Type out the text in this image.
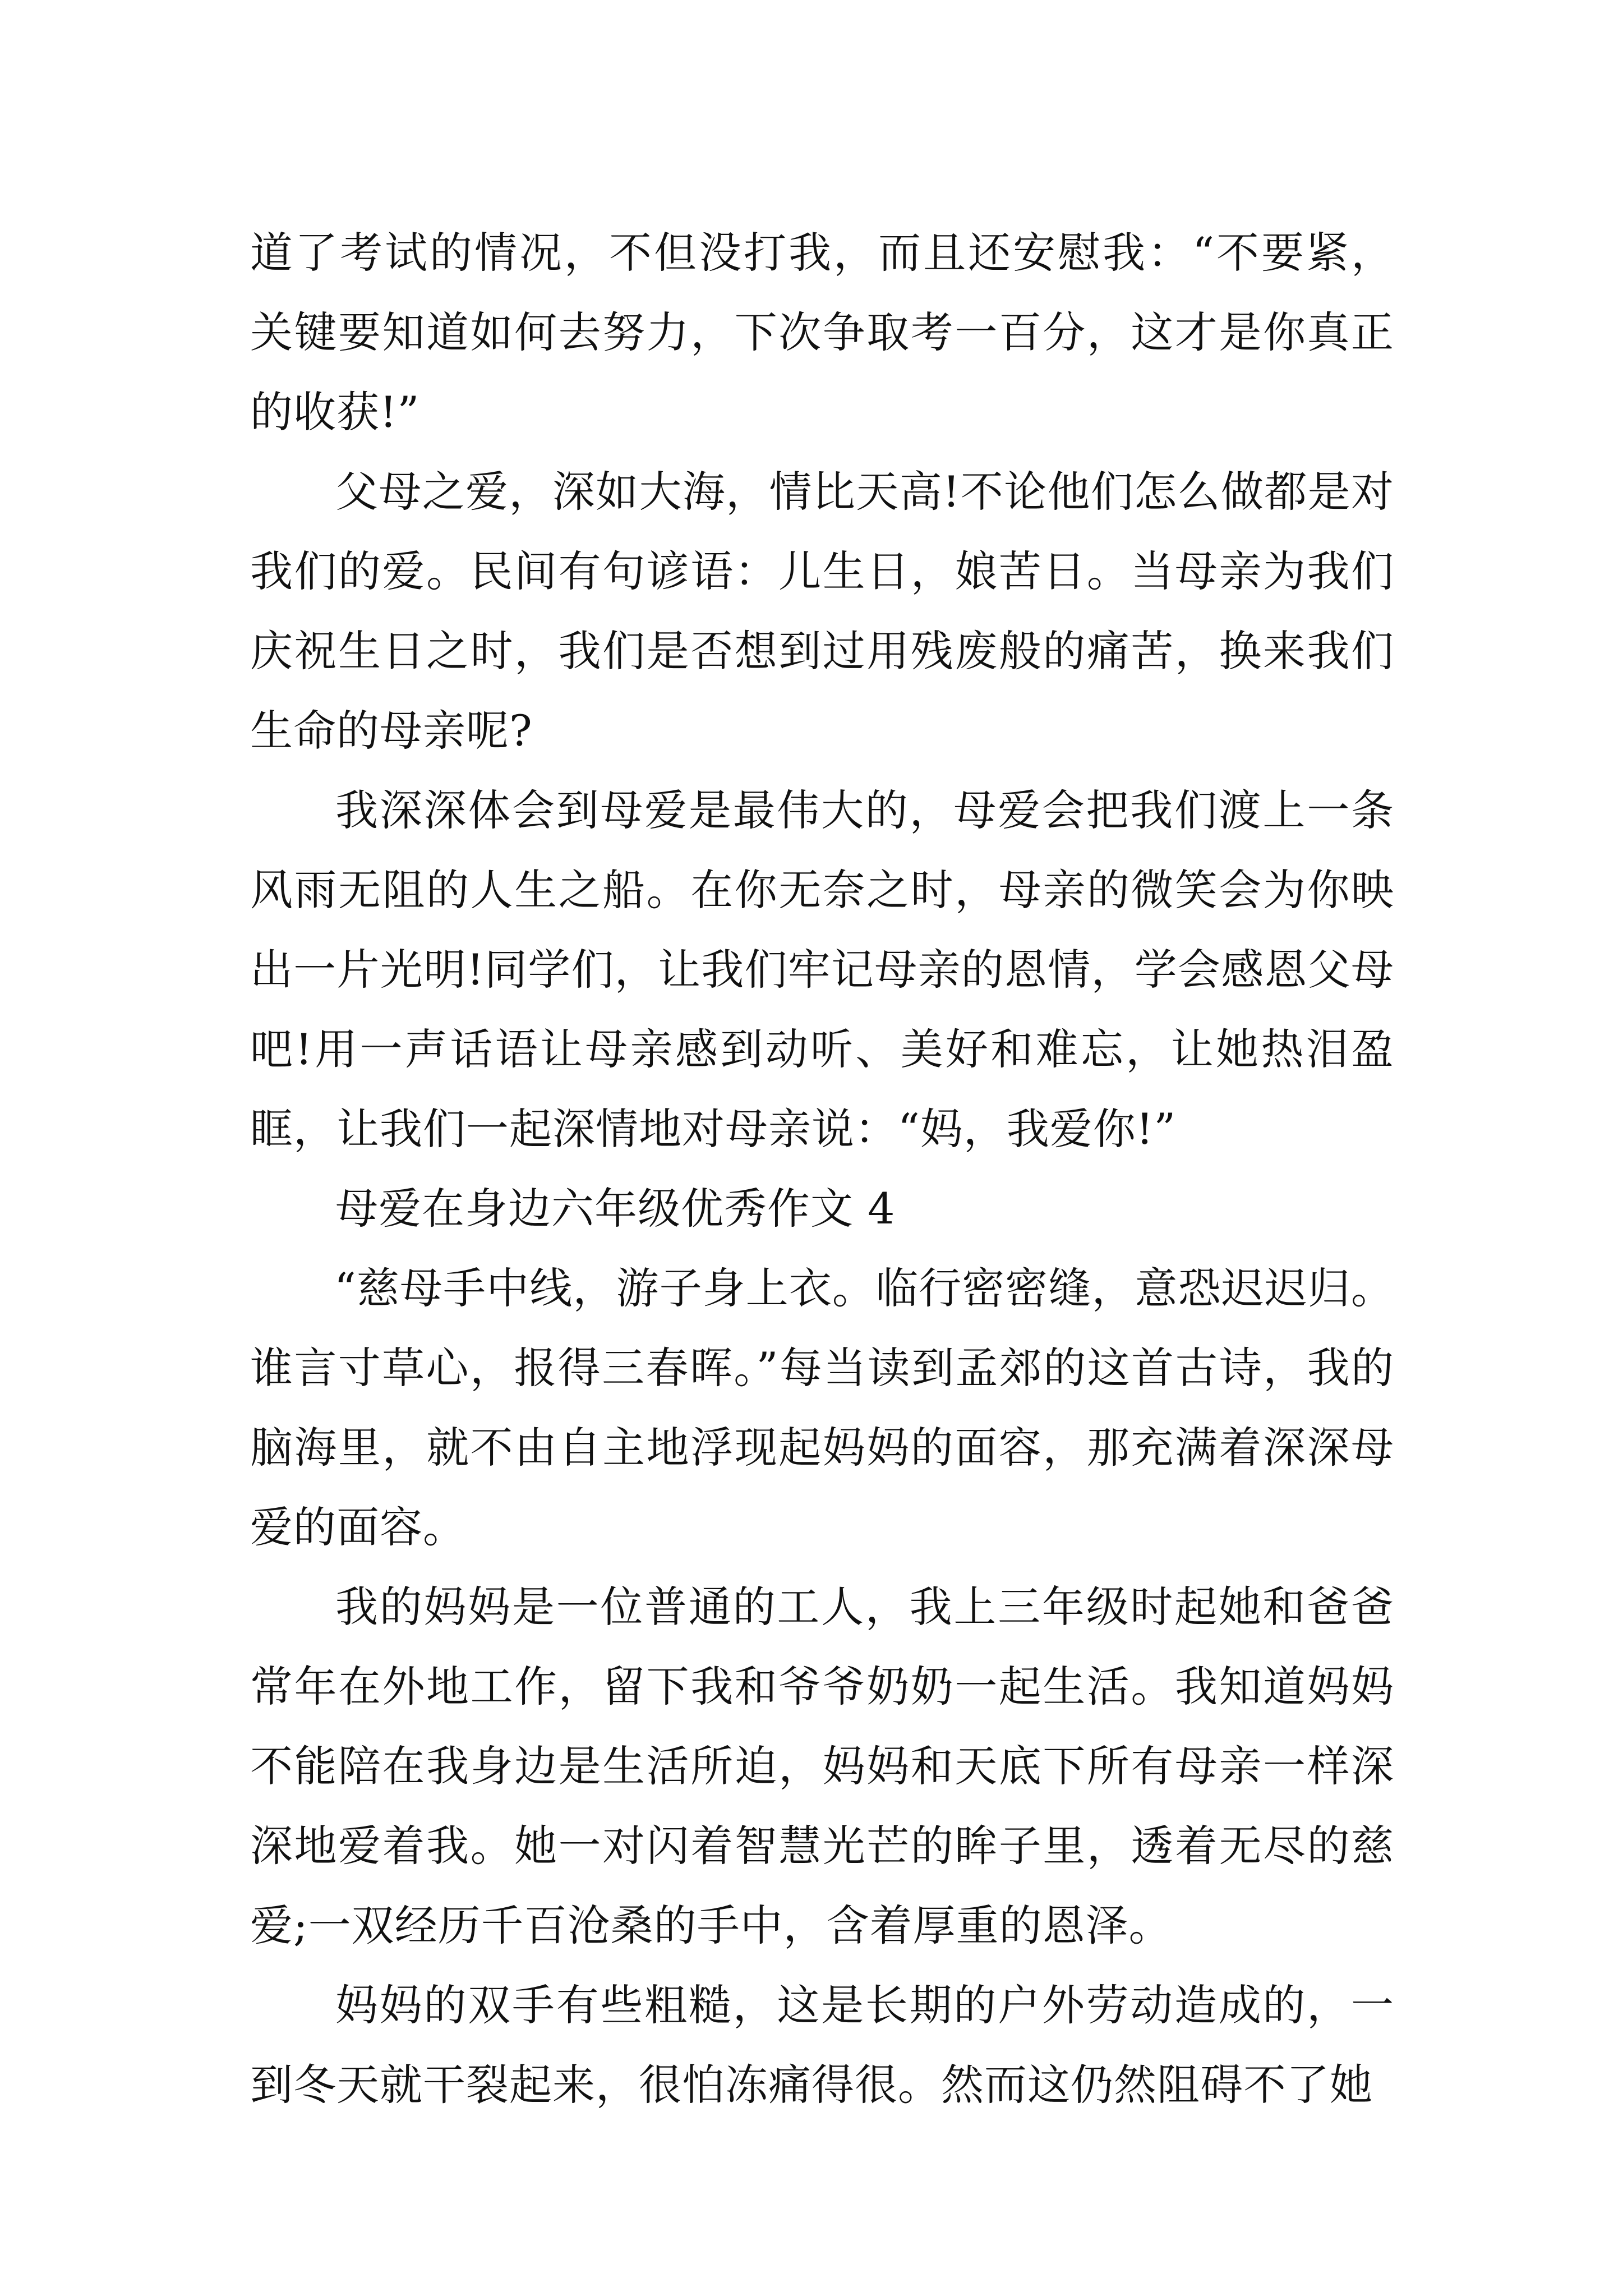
道了考试的情况，不但没打我，而且还安慰我：“不要紧，关键要知道如何去努力，下次争取考一百分，这才是你真正的收获!”

父母之爱，深如大海，情比天高!不论他们怎么做都是对我们的爱。民间有句谚语：儿生日，娘苦日。当母亲为我们庆祝生日之时，我们是否想到过用残废般的痛苦，换来我们生命的母亲呢?

我深深体会到母爱是最伟大的，母爱会把我们渡上一条风雨无阻的人生之船。在你无奈之时，母亲的微笑会为你映出一片光明!同学们，让我们牢记母亲的恩情，学会感恩父母吧!用一声话语让母亲感到动听、美好和难忘，让她热泪盈眶，让我们一起深情地对母亲说：“妈，我爱你!”

母爱在身边六年级优秀作文 4

“慈母手中线，游子身上衣。临行密密缝，意恐迟迟归。谁言寸草心，报得三春晖。”每当读到孟郊的这首古诗，我的脑海里，就不由自主地浮现起妈妈的面容，那充满着深深母爱的面容。

我的妈妈是一位普通的工人，我上三年级时起她和爸爸常年在外地工作，留下我和爷爷奶奶一起生活。我知道妈妈不能陪在我身边是生活所迫，妈妈和天底下所有母亲一样深深地爱着我。她一对闪着智慧光芒的眸子里，透着无尽的慈爱;一双经历千百沧桑的手中，含着厚重的恩泽。

妈妈的双手有些粗糙，这是长期的户外劳动造成的，一到冬天就干裂起来，很怕冻痛得很。然而这仍然阻碍不了她
